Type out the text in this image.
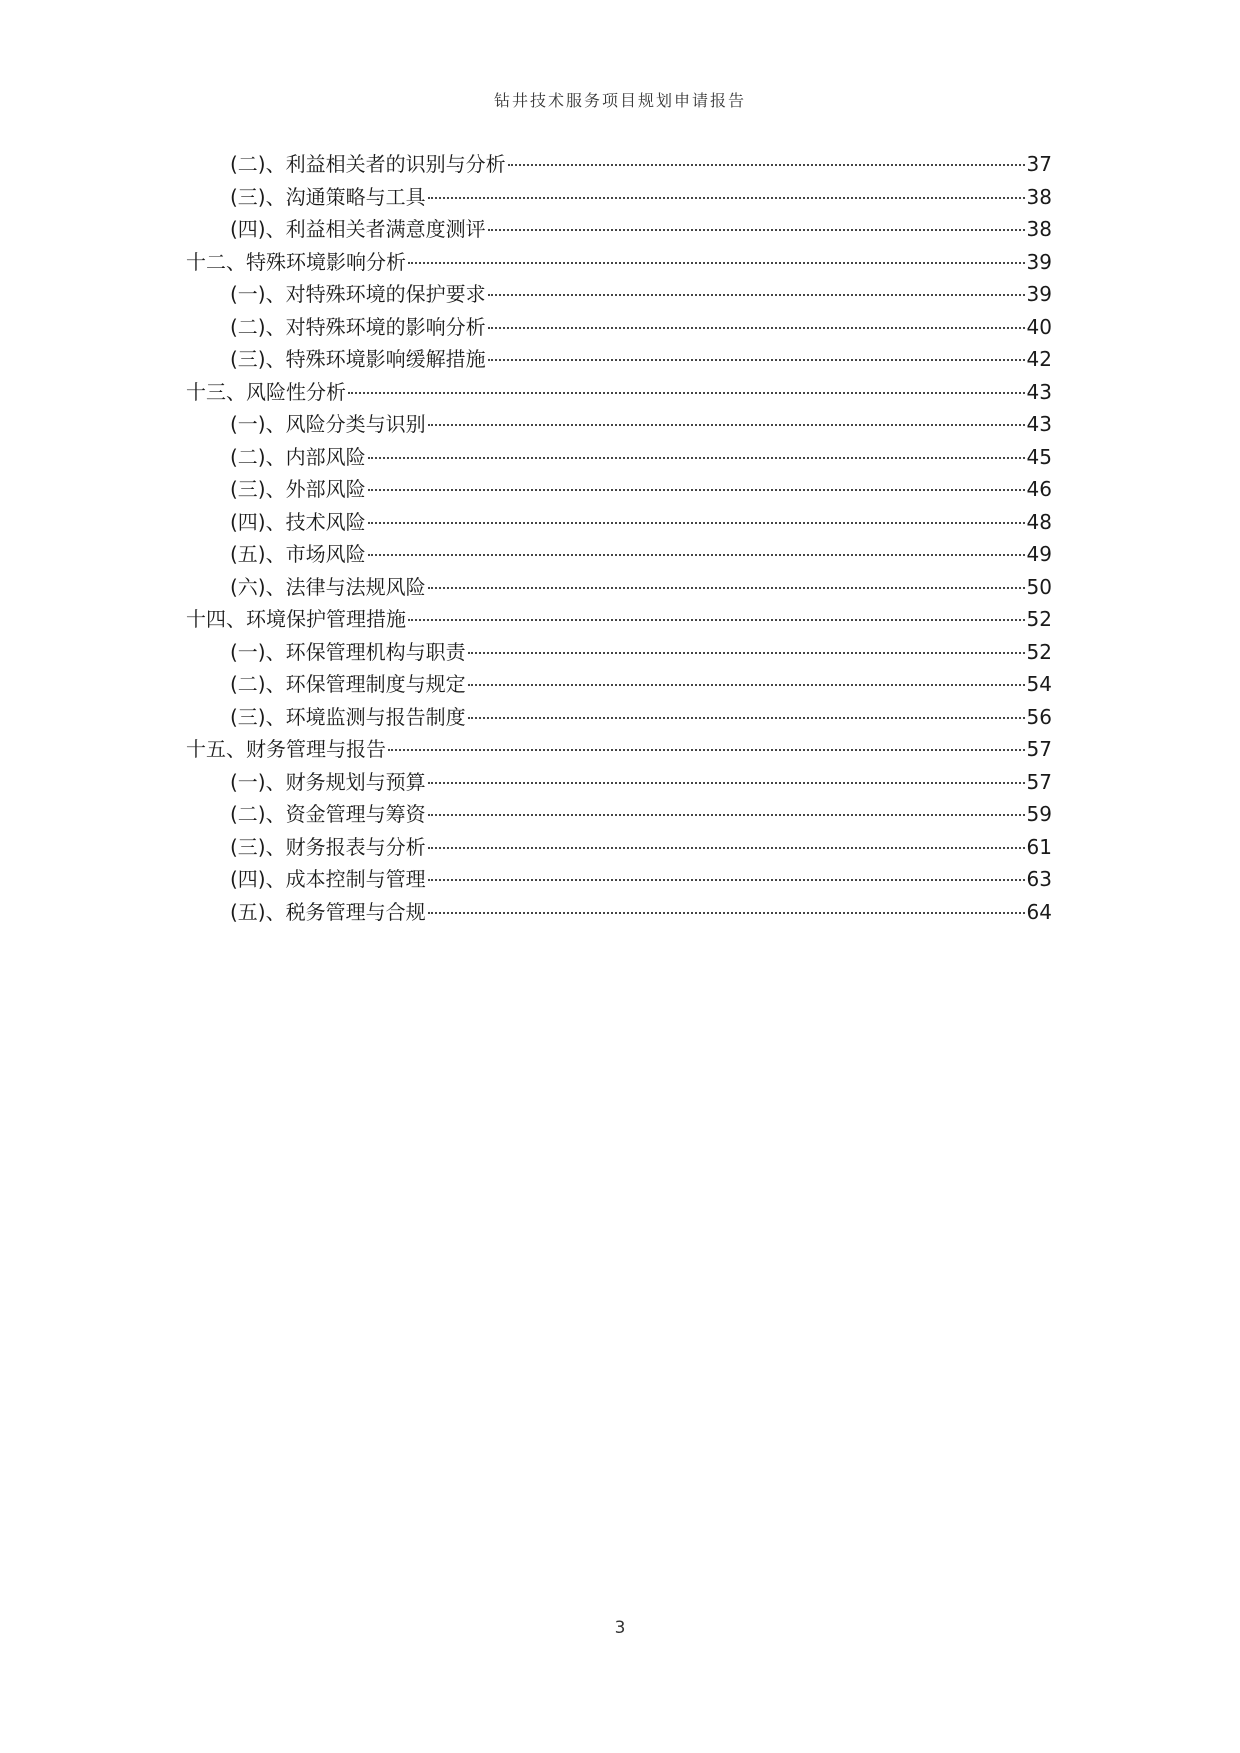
钻井技术服务项目规划申请报告
(二)、利益相关者的识别与分析	37
(三)、沟通策略与工具	38
(四)、利益相关者满意度测评	38
十二、特殊环境影响分析	39
(一)、对特殊环境的保护要求	39
(二)、对特殊环境的影响分析	40
(三)、特殊环境影响缓解措施	42
十三、风险性分析	43
(一)、风险分类与识别	43
(二)、内部风险	45
(三)、外部风险	46
(四)、技术风险	48
(五)、市场风险	49
(六)、法律与法规风险	50
十四、环境保护管理措施	52
(一)、环保管理机构与职责	52
(二)、环保管理制度与规定	54
(三)、环境监测与报告制度	56
十五、财务管理与报告	57
(一)、财务规划与预算	57
(二)、资金管理与筹资	59
(三)、财务报表与分析	61
(四)、成本控制与管理	63
(五)、税务管理与合规	64
3
